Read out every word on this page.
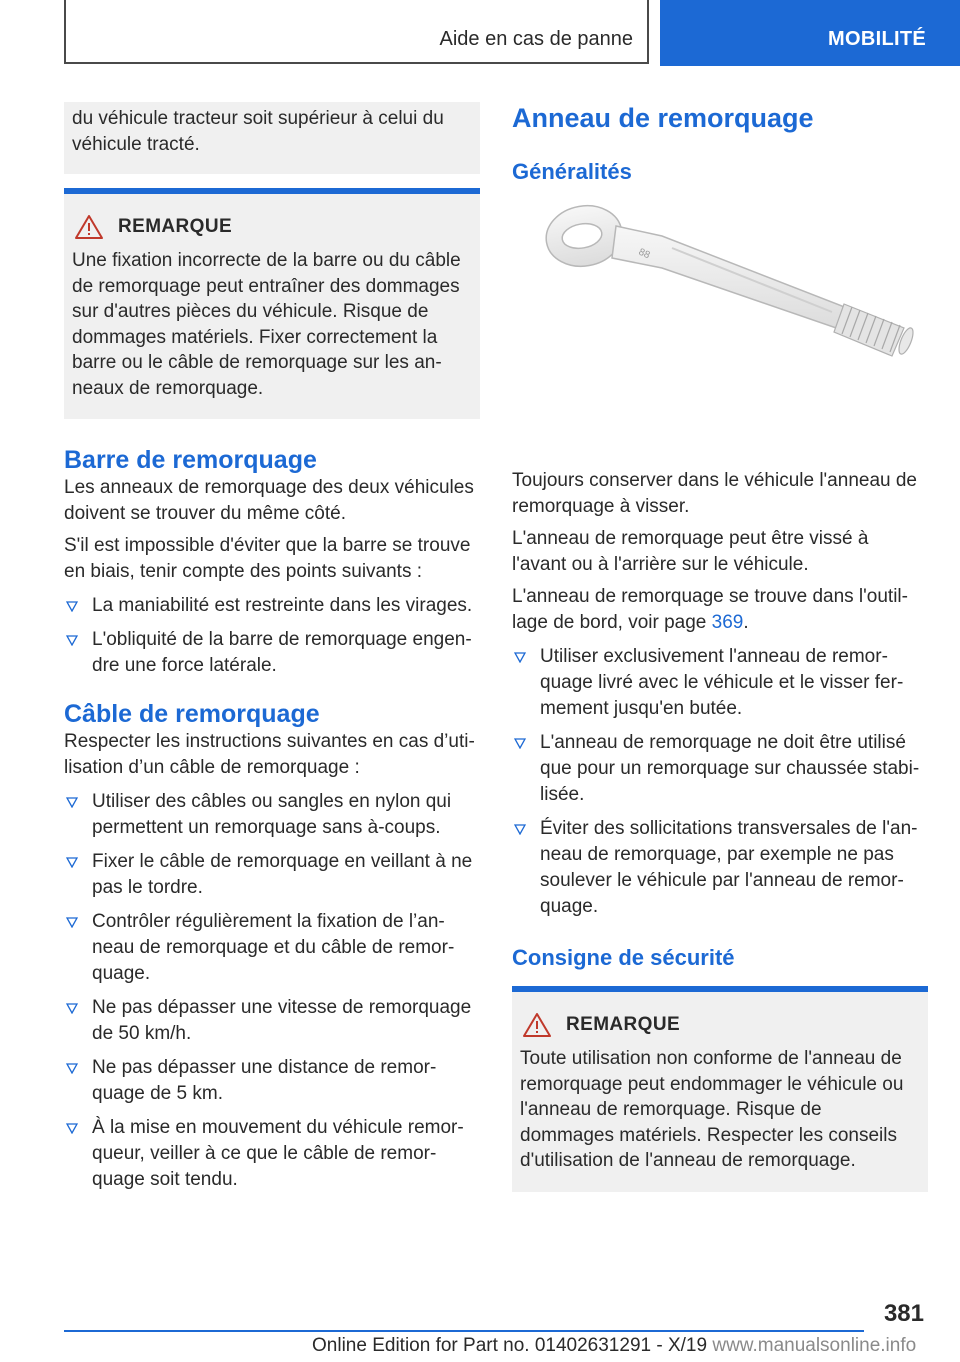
Aide en cas de panne	MOBILITÉ
du véhicule tracteur soit supérieur à celui du véhicule tracté.
REMARQUE
Une fixation incorrecte de la barre ou du câble de remorquage peut entraîner des dommages sur d'autres pièces du véhicule. Risque de dommages matériels. Fixer correctement la barre ou le câble de remorquage sur les anneaux de remorquage.
Barre de remorquage

Les anneaux de remorquage des deux véhicules doivent se trouver du même côté.

S'il est impossible d'éviter que la barre se trouve en biais, tenir compte des points suivants :

La maniabilité est restreinte dans les virages.
L'obliquité de la barre de remorquage engendre une force latérale.
Câble de remorquage

Respecter les instructions suivantes en cas d’utilisation d’un câble de remorquage :

Utiliser des câbles ou sangles en nylon qui permettent un remorquage sans à-coups.
Fixer le câble de remorquage en veillant à ne pas le tordre.
Contrôler régulièrement la fixation de l’anneau de remorquage et du câble de remorquage.
Ne pas dépasser une vitesse de remorquage de 50 km/h.
Ne pas dépasser une distance de remorquage de 5 km.
À la mise en mouvement du véhicule remorqueur, veiller à ce que le câble de remorquage soit tendu.
Anneau de remorquage
Généralités
88

Toujours conserver dans le véhicule l'anneau de remorquage à visser.

L'anneau de remorquage peut être vissé à l'avant ou à l'arrière sur le véhicule.

L'anneau de remorquage se trouve dans l'outillage de bord, voir page 369.

Utiliser exclusivement l'anneau de remorquage livré avec le véhicule et le visser fermement jusqu'en butée.
L'anneau de remorquage ne doit être utilisé que pour un remorquage sur chaussée stabilisée.
Éviter des sollicitations transversales de l'anneau de remorquage, par exemple ne pas soulever le véhicule par l'anneau de remorquage.
Consigne de sécurité
REMARQUE
Toute utilisation non conforme de l'anneau de remorquage peut endommager le véhicule ou l'anneau de remorquage. Risque de dommages matériels. Respecter les conseils d'utilisation de l'anneau de remorquage.
381
Online Edition for Part no. 01402631291 - X/19 www.manualsonline.info
